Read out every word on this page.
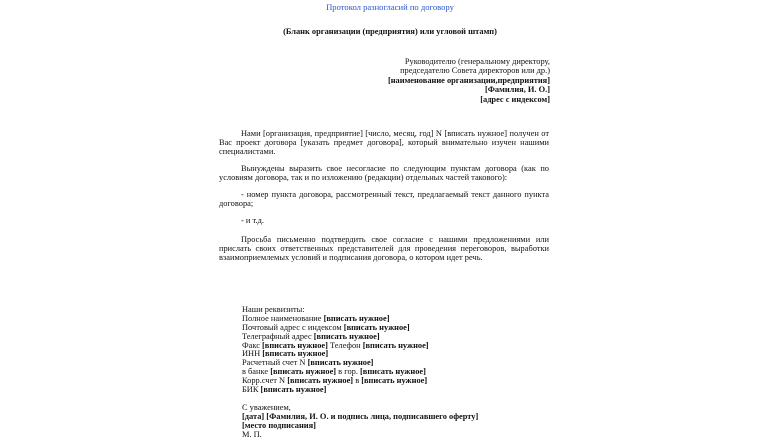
Протокол разногласий по договору
(Бланк организации (предприятия) или угловой штамп)
Руководителю (генеральному директору,
председателю Совета директоров или др.)
[наименование организации,предприятия]
[Фамилия, И. О.]
[адрес с индексом]
Нами [организация, предприятие] [число, месяц, год] N [вписать нужное] получен от Вас проект договора [указать предмет договора], который внимательно изучен нашими специалистами.
Вынуждены выразить свое несогласие по следующим пунктам договора (как по условиям договора, так и по изложению (редакции) отдельных частей такового):
- номер пункта договора, рассмотренный текст, предлагаемый текст данного пункта договора;
- и т.д.
Просьба письменно подтвердить свое согласие с нашими предложениями или прислать своих ответственных представителей для проведения переговоров, выработки взаимоприемлемых условий и подписания договора, о котором идет речь.
Наши реквизиты:
Полное наименование [вписать нужное]
Почтовый адрес с индексом [вписать нужное]
Телеграфный адрес [вписать нужное]
Факс [вписать нужное] Телефон [вписать нужное]
ИНН [вписать нужное]
Расчетный счет N [вписать нужное]
в банке [вписать нужное] в гор. [вписать нужное]
Корр.счет N [вписать нужное] в [вписать нужное]
БИК [вписать нужное]
С уважением,
[дата] [Фамилия, И. О. и подпись лица, подписавшего оферту]
[место подписания]
М. П.
